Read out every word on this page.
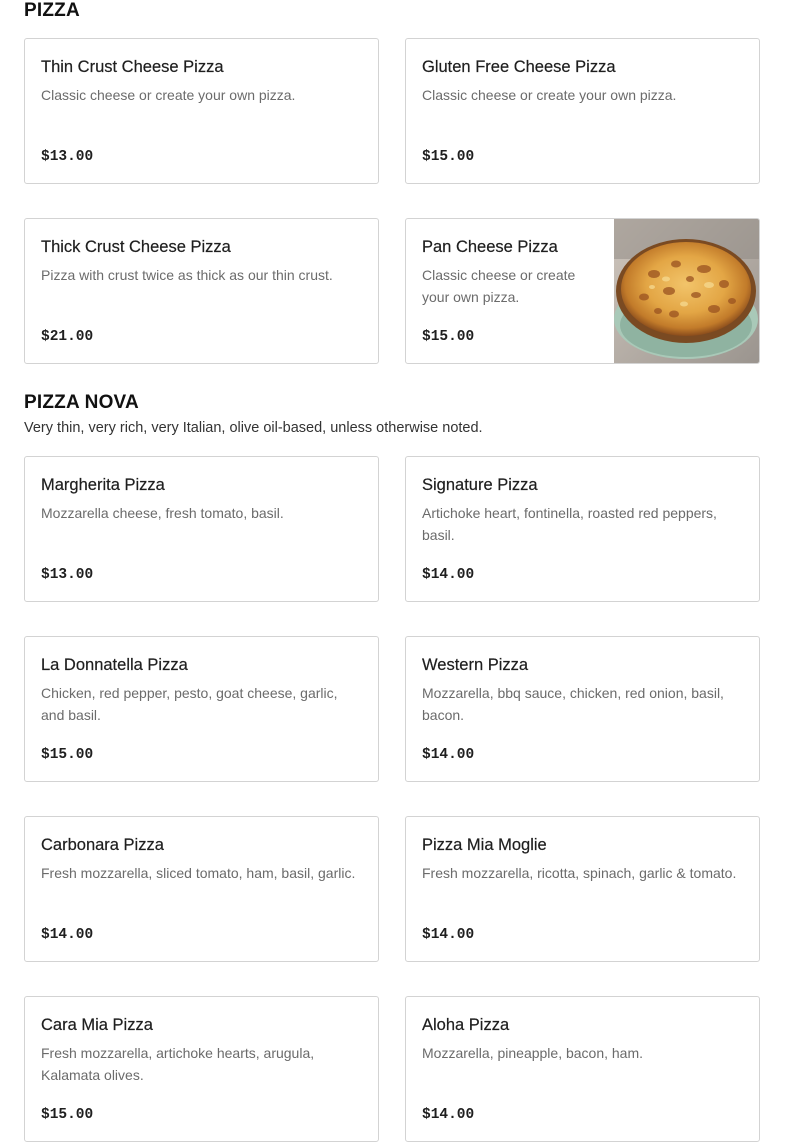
PIZZA

Thin Crust Cheese Pizza

Classic cheese or create your own pizza.

$13.00

Gluten Free Cheese Pizza

Classic cheese or create your own pizza.

$15.00

Thick Crust Cheese Pizza

Pizza with crust twice as thick as our thin crust.

$21.00

Pan Cheese Pizza

Classic cheese or create your own pizza.

$15.00
PIZZA NOVA

Very thin, very rich, very Italian, olive oil-based, unless otherwise noted.

Margherita Pizza

Mozzarella cheese, fresh tomato, basil.

$13.00

Signature Pizza

Artichoke heart, fontinella, roasted red peppers, basil.

$14.00

La Donnatella Pizza

Chicken, red pepper, pesto, goat cheese, garlic, and basil.

$15.00

Western Pizza

Mozzarella, bbq sauce, chicken, red onion, basil, bacon.

$14.00

Carbonara Pizza

Fresh mozzarella, sliced tomato, ham, basil, garlic.

$14.00

Pizza Mia Moglie

Fresh mozzarella, ricotta, spinach, garlic & tomato.

$14.00

Cara Mia Pizza

Fresh mozzarella, artichoke hearts, arugula, Kalamata olives.

$15.00

Aloha Pizza

Mozzarella, pineapple, bacon, ham.

$14.00
